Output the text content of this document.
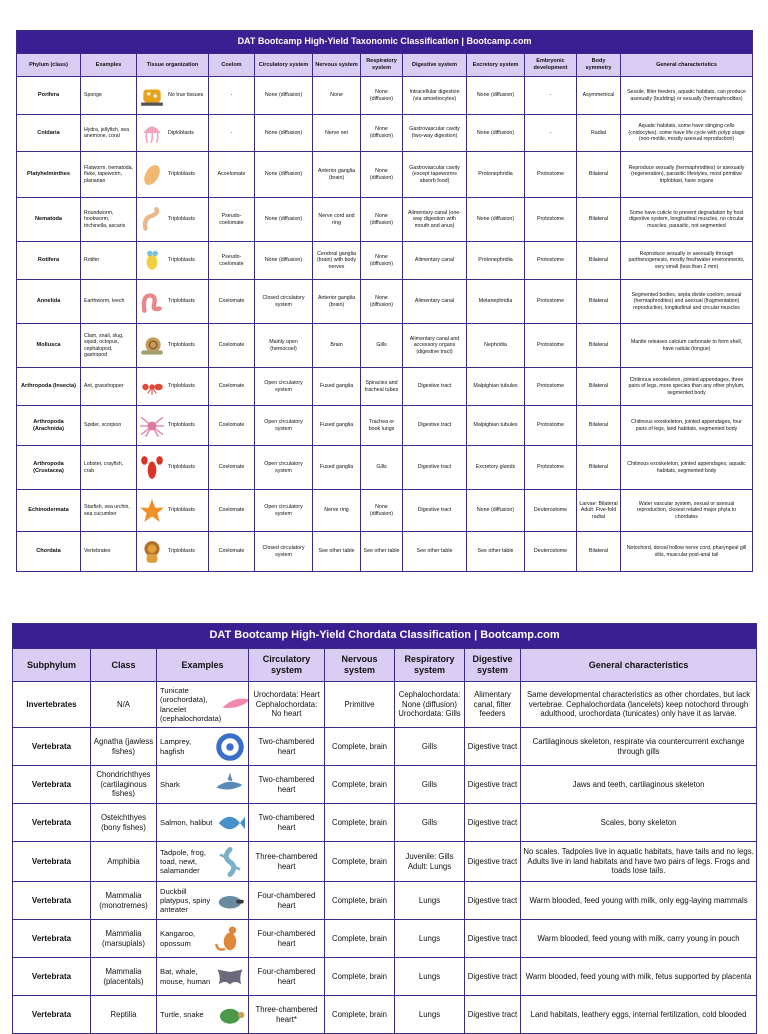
DAT Bootcamp High-Yield Taxonomic Classification | Bootcamp.com											
Phylum (class)	Examples	Tissue organization	Coelom	Circulatory system	Nervous system	Respiratory system	Digestive system	Excretory system	Embryonic development	Body symmetry	General characteristics
Porifera	Sponge	No true tissues	-	None (diffusion)	None	None (diffusion)	Intracellular digestion (via amoebocytes)	None (diffusion)	-	Asymmetrical	Sessile, filter feeders, aquatic habitats, can produce asexually (budding) or sexually (hermaphrodites)
Cnidaria	Hydra, jellyfish, sea anemone, coral	Diploblasts	-	None (diffusion)	Nerve net	None (diffusion)	Gastrovascular cavity (two-way digestion)	None (diffusion)	-	Radial	Aquatic habitats, some have stinging cells (cnidocytes), some have life cycle with polyp stage (non-motile, mostly asexual reproduction)
Platyhelminthes	Flatworm, trematoda, fluke, tapeworm, planarian	Triploblasts	Acoelomate	None (diffusion)	Anterior ganglia (brain)	None (diffusion)	Gastrovascular cavity (except tapeworms absorb food)	Protonephridia	Protostome	Bilateral	Reproduce sexually (hermaphrodites) or asexually (regeneration), parasitic lifestyles, most primitive triploblast, have organs
Nematoda	Roundworm, hookworm, trichinella, ascaris	Triploblasts	Pseudo-coelomate	None (diffusion)	Nerve cord and ring	None (diffusion)	Alimentary canal (one-way digestion with mouth and anus)	None (diffusion)	Protostome	Bilateral	Some have cuticle to prevent degradation by host digestive system, longitudinal muscles, no circular muscles, parasitic, not segmented
Rotifera	Rotifer	Triploblasts	Pseudo-coelomate	None (diffusion)	Cerebral ganglia (brain) with body nerves	None (diffusion)	Alimentary canal	Protonephridia	Protostome	Bilateral	Reproduce sexually or asexually through parthenogenesis, mostly freshwater environments, very small (less than 2 mm)
Annelida	Earthworm, leech	Triploblasts	Coelomate	Closed circulatory system	Anterior ganglia (brain)	None (diffusion)	Alimentary canal	Metanephridia	Protostome	Bilateral	Segmented bodies, septa divide coelom, sexual (hermaphrodites) and asexual (fragmentation) reproduction, longitudinal and circular muscles
Mollusca	Clam, snail, slug, squid, octopus, cephalopod, gastropod	Triploblasts	Coelomate	Mainly open (hemocoel)	Brain	Gills	Alimentary canal and accessory organs (digestive tract)	Nephridia	Protostome	Bilateral	Mantle releases calcium carbonate to form shell, have radula (tongue)
Arthropoda (Insecta)	Ant, grasshopper	Triploblasts	Coelomate	Open circulatory system	Fused ganglia	Spiracles and tracheal tubes	Digestive tract	Malpighian tubules	Protostome	Bilateral	Chitinous exoskeleton, jointed appendages, three pairs of legs, more species than any other phylum, segmented body
Arthropoda (Arachnida)	Spider, scorpion	Triploblasts	Coelomate	Open circulatory system	Fused ganglia	Trachea or book lungs	Digestive tract	Malpighian tubules	Protostome	Bilateral	Chitinous exoskeleton, jointed appendages, four pairs of legs, land habitats, segmented body
Arthropoda (Crustacea)	Lobster, crayfish, crab	Triploblasts	Coelomate	Open circulatory system	Fused ganglia	Gills	Digestive tract	Excretory glands	Protostome	Bilateral	Chitinous exoskeleton, jointed appendages, aquatic habitats, segmented body
Echinodermata	Starfish, sea urchin, sea cucumber	Triploblasts	Coelomate	Open circulatory system	Nerve ring	None (diffusion)	Digestive tract	None (diffusion)	Deuterostome	Larvae: Bilateral Adult: Five-fold radial	Water vascular system, sexual or asexual reproduction, closest related major phyla to chordates
Chordata	Vertebrates	Triploblasts	Coelomate	Closed circulatory system	See other table	See other table	See other table	See other table	Deuterostome	Bilateral	Notochord, dorsal hollow nerve cord, pharyngeal gill slits, muscular post-anal tail
DAT Bootcamp High-Yield Chordata Classification | Bootcamp.com							
Subphylum	Class	Examples	Circulatory system	Nervous system	Respiratory system	Digestive system	General characteristics
Invertebrates	N/A	Tunicate (urochordata), lancelet (cephalochordata)	Urochordata: Heart Cephalochordata: No heart	Primitive	Cephalochordata: None (diffusion) Urochordata: Gills	Alimentary canal, filter feeders	Same developmental characteristics as other chordates, but lack vertebrae. Cephalochordata (lancelets) keep notochord through adulthood, urochordata (tunicates) only have it as larvae.
Vertebrata	Agnatha (jawless fishes)	Lamprey, hagfish	Two-chambered heart	Complete, brain	Gills	Digestive tract	Cartilaginous skeleton, respirate via countercurrent exchange through gills
Vertebrata	Chondrichthyes (cartilaginous fishes)	Shark	Two-chambered heart	Complete, brain	Gills	Digestive tract	Jaws and teeth, cartilaginous skeleton
Vertebrata	Osteichthyes (bony fishes)	Salmon, halibut	Two-chambered heart	Complete, brain	Gills	Digestive tract	Scales, bony skeleton
Vertebrata	Amphibia	Tadpole, frog, toad, newt, salamander	Three-chambered heart	Complete, brain	Juvenile: Gills Adult: Lungs	Digestive tract	No scales. Tadpoles live in aquatic habitats, have tails and no legs. Adults live in land habitats and have two pairs of legs. Frogs and toads lose tails.
Vertebrata	Mammalia (monotremes)	Duckbill platypus, spiny anteater	Four-chambered heart	Complete, brain	Lungs	Digestive tract	Warm blooded, feed young with milk, only egg-laying mammals
Vertebrata	Mammalia (marsupials)	Kangaroo, opossum	Four-chambered heart	Complete, brain	Lungs	Digestive tract	Warm blooded, feed young with milk, carry young in pouch
Vertebrata	Mammalia (placentals)	Bat, whale, mouse, human	Four-chambered heart	Complete, brain	Lungs	Digestive tract	Warm blooded, feed young with milk, fetus supported by placenta
Vertebrata	Reptilia	Turtle, snake	Three-chambered heart*	Complete, brain	Lungs	Digestive tract	Land habitats, leathery eggs, internal fertilization, cold blooded
